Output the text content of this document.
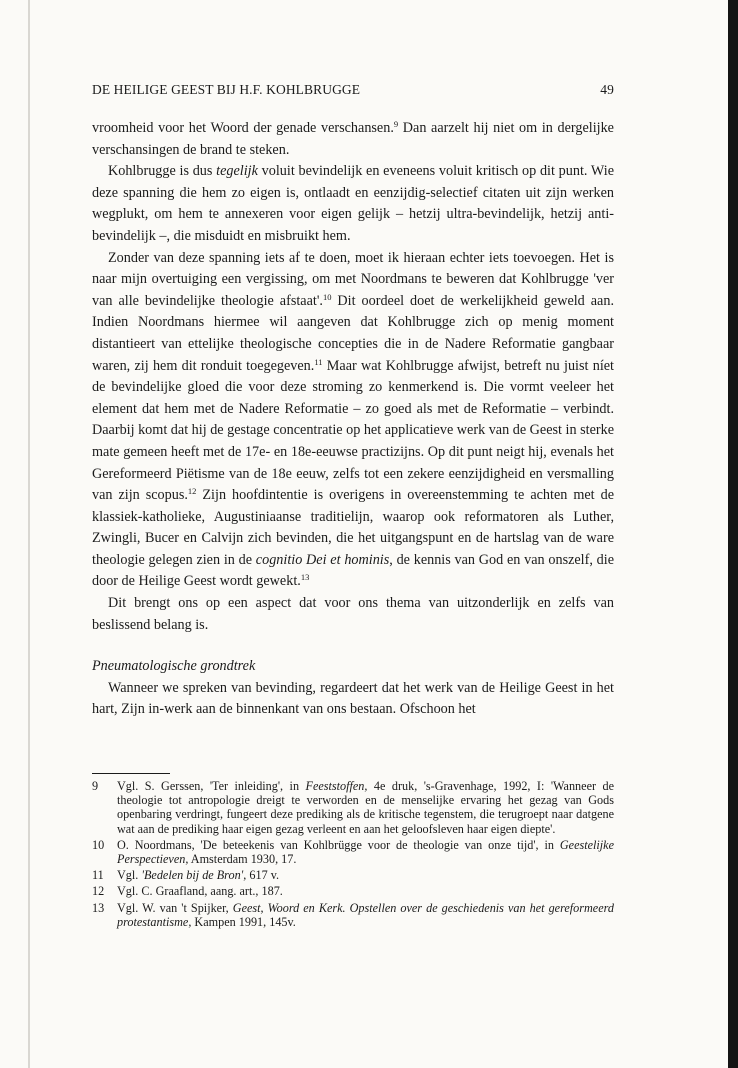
DE HEILIGE GEEST BIJ H.F. KOHLBRUGGE	49

vroomheid voor het Woord der genade verschansen.$^9$ Dan aarzelt hij niet om in dergelijke verschansingen de brand te steken.

Kohlbrugge is dus tegelijk voluit bevindelijk en eveneens voluit kritisch op dit punt. Wie deze spanning die hem zo eigen is, ontlaadt en eenzijdig-selectief citaten uit zijn werken wegplukt, om hem te annexeren voor eigen gelijk – hetzij ultra-bevindelijk, hetzij anti-bevindelijk –, die misduidt en misbruikt hem.

Zonder van deze spanning iets af te doen, moet ik hieraan echter iets toevoegen. Het is naar mijn overtuiging een vergissing, om met Noordmans te beweren dat Kohlbrugge 'ver van alle bevindelijke theologie afstaat'.$^{10}$ Dit oordeel doet de werkelijkheid geweld aan. Indien Noordmans hiermee wil aangeven dat Kohlbrugge zich op menig moment distantieert van ettelijke theologische concepties die in de Nadere Reformatie gangbaar waren, zij hem dit ronduit toegegeven.$^{11}$ Maar wat Kohlbrugge afwijst, betreft nu juist níet de bevindelijke gloed die voor deze stroming zo kenmerkend is. Die vormt veeleer het element dat hem met de Nadere Reformatie – zo goed als met de Reformatie – verbindt. Daarbij komt dat hij de gestage concentratie op het applicatieve werk van de Geest in sterke mate gemeen heeft met de 17e- en 18e-eeuwse practizijns. Op dit punt neigt hij, evenals het Gereformeerd Piëtisme van de 18e eeuw, zelfs tot een zekere eenzijdigheid en versmalling van zijn scopus.$^{12}$ Zijn hoofdintentie is overigens in overeenstemming te achten met de klassiek-katholieke, Augustiniaanse traditielijn, waarop ook reformatoren als Luther, Zwingli, Bucer en Calvijn zich bevinden, die het uitgangspunt en de hartslag van de ware theologie gelegen zien in de cognitio Dei et hominis, de kennis van God en van onszelf, die door de Heilige Geest wordt gewekt.$^{13}$

Dit brengt ons op een aspect dat voor ons thema van uitzonderlijk en zelfs van beslissend belang is.

Pneumatologische grondtrek

Wanneer we spreken van bevinding, regardeert dat het werk van de Heilige Geest in het hart, Zijn in-werk aan de binnenkant van ons bestaan. Ofschoon het

9	Vgl. S. Gerssen, 'Ter inleiding', in Feeststoffen, 4e druk, 's-Gravenhage, 1992, I: 'Wanneer de theologie tot antropologie dreigt te verworden en de menselijke ervaring het gezag van Gods openbaring verdringt, fungeert deze prediking als de kritische tegenstem, die terugroept naar datgene wat aan de prediking haar eigen gezag verleent en aan het geloofsleven haar eigen diepte'.
10	O. Noordmans, 'De beteekenis van Kohlbrügge voor de theologie van onze tijd', in Geestelijke Perspectieven, Amsterdam 1930, 17.
11	Vgl. 'Bedelen bij de Bron', 617 v.
12	Vgl. C. Graafland, aang. art., 187.
13	Vgl. W. van 't Spijker, Geest, Woord en Kerk. Opstellen over de geschiedenis van het gereformeerd protestantisme, Kampen 1991, 145v.
